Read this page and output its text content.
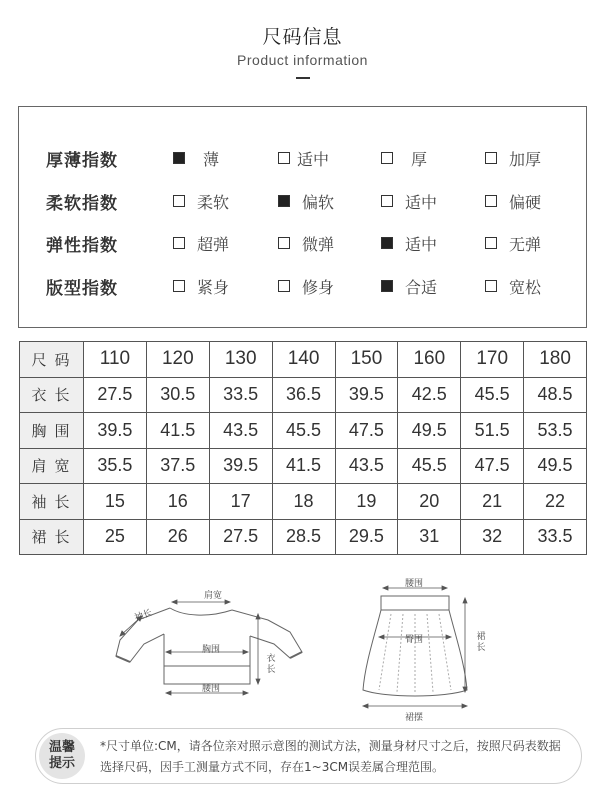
尺码信息
Product information
厚薄指数	薄	适中	厚	加厚
柔软指数	柔软	偏软	适中	偏硬
弹性指数	超弹	微弹	适中	无弹
版型指数	紧身	修身	合适	宽松
尺码	110	120	130	140	150	160	170	180
衣长	27.5	30.5	33.5	36.5	39.5	42.5	45.5	48.5
胸围	39.5	41.5	43.5	45.5	47.5	49.5	51.5	53.5
肩宽	35.5	37.5	39.5	41.5	43.5	45.5	47.5	49.5
袖长	15	16	17	18	19	20	21	22
裙长	25	26	27.5	28.5	29.5	31	32	33.5
肩宽
袖长
胸围
腰围
衣长
腰围
臀围	裙长
裙摆
温馨
提示
*尺寸单位:CM，请各位亲对照示意图的测试方法，测量身材尺寸之后，按照尺码表数据选择尺码，因手工测量方式不同，存在1~3CM误差属合理范围。
